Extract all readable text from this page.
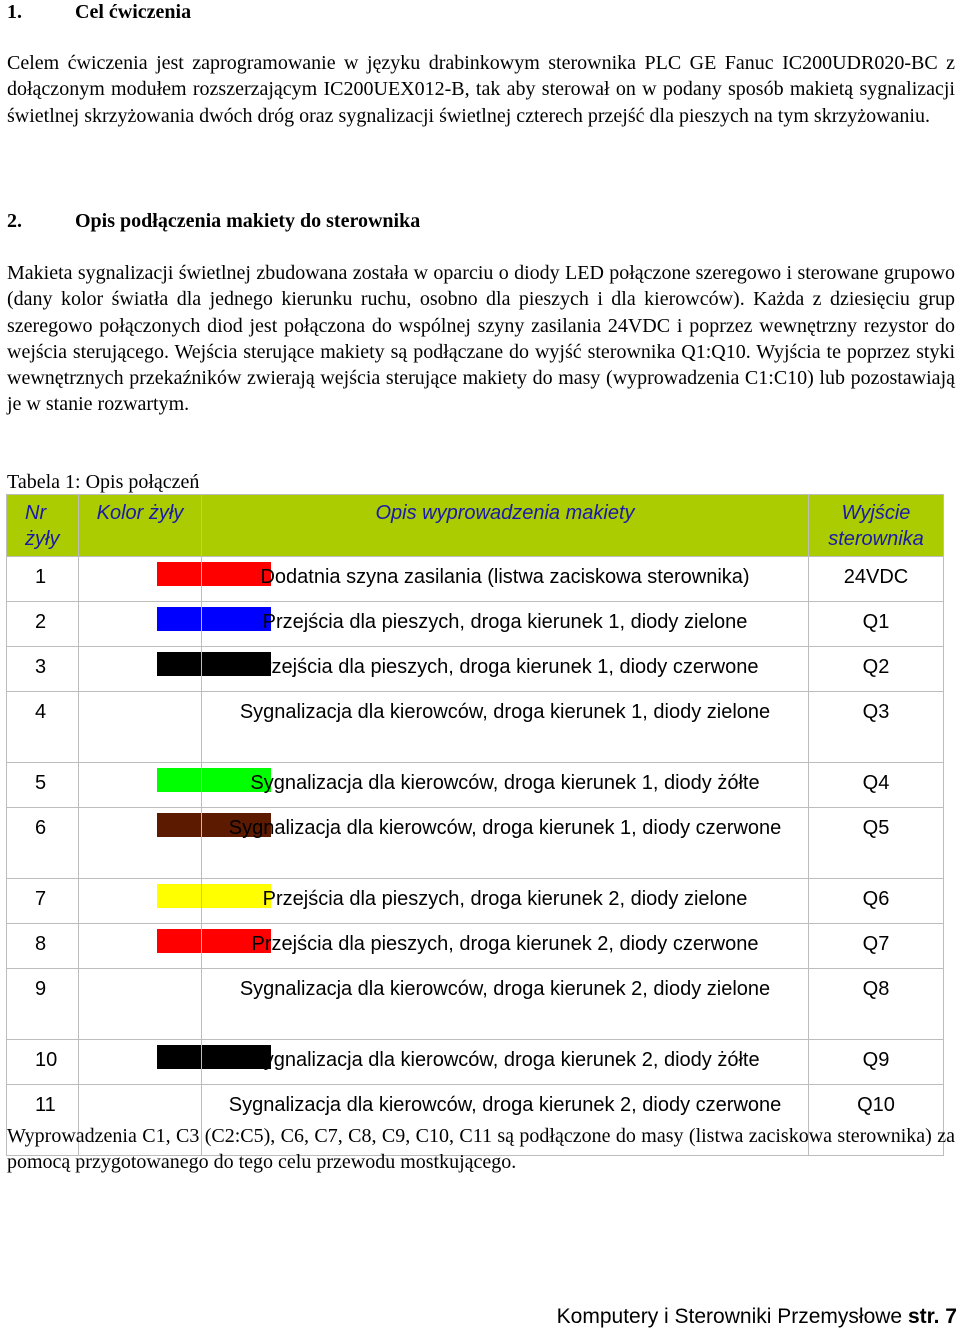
1.	Cel ćwiczenia
Celem ćwiczenia jest zaprogramowanie w języku drabinkowym sterownika PLC GE Fanuc IC200UDR020-BC z dołączonym modułem rozszerzającym IC200UEX012-B, tak aby sterował on w podany sposób makietą sygnalizacji świetlnej skrzyżowania dwóch dróg oraz sygnalizacji świetlnej czterech przejść dla pieszych na tym skrzyżowaniu.
2.	Opis podłączenia makiety do sterownika
Makieta sygnalizacji świetlnej zbudowana została w oparciu o diody LED połączone szeregowo i sterowane grupowo (dany kolor światła dla jednego kierunku ruchu, osobno dla pieszych i dla kierowców). Każda z dziesięciu grup szeregowo połączonych diod jest połączona do wspólnej szyny zasilania 24VDC i poprzez wewnętrzny rezystor do wejścia sterującego. Wejścia sterujące makiety są podłączane do wyjść sterownika Q1:Q10. Wyjścia te poprzez styki wewnętrznych przekaźników zwierają wejścia sterujące makiety do masy (wyprowadzenia C1:C10) lub pozostawiają je w stanie rozwartym.
Tabela 1: Opis połączeń
Nr żyły	Kolor żyły	Opis wyprowadzenia makiety	Wyjście sterownika
1		Dodatnia szyna zasilania (listwa zaciskowa sterownika)	24VDC
2		Przejścia dla pieszych, droga kierunek 1, diody zielone	Q1
3		Przejścia dla pieszych, droga kierunek 1, diody czerwone	Q2
4		Sygnalizacja dla kierowców, droga kierunek 1, diody zielone	Q3
5		Sygnalizacja dla kierowców, droga kierunek 1, diody żółte	Q4
6		Sygnalizacja dla kierowców, droga kierunek 1, diody czerwone	Q5
7		Przejścia dla pieszych, droga kierunek 2, diody zielone	Q6
8		Przejścia dla pieszych, droga kierunek 2, diody czerwone	Q7
9		Sygnalizacja dla kierowców, droga kierunek 2, diody zielone	Q8
10		Sygnalizacja dla kierowców, droga kierunek 2, diody żółte	Q9
11		Sygnalizacja dla kierowców, droga kierunek 2, diody czerwone	Q10
Wyprowadzenia C1, C3 (C2:C5), C6, C7, C8, C9, C10, C11 są podłączone do masy (listwa zaciskowa sterownika) za pomocą przygotowanego do tego celu przewodu mostkującego.
Komputery i Sterowniki Przemysłowe str. 7
